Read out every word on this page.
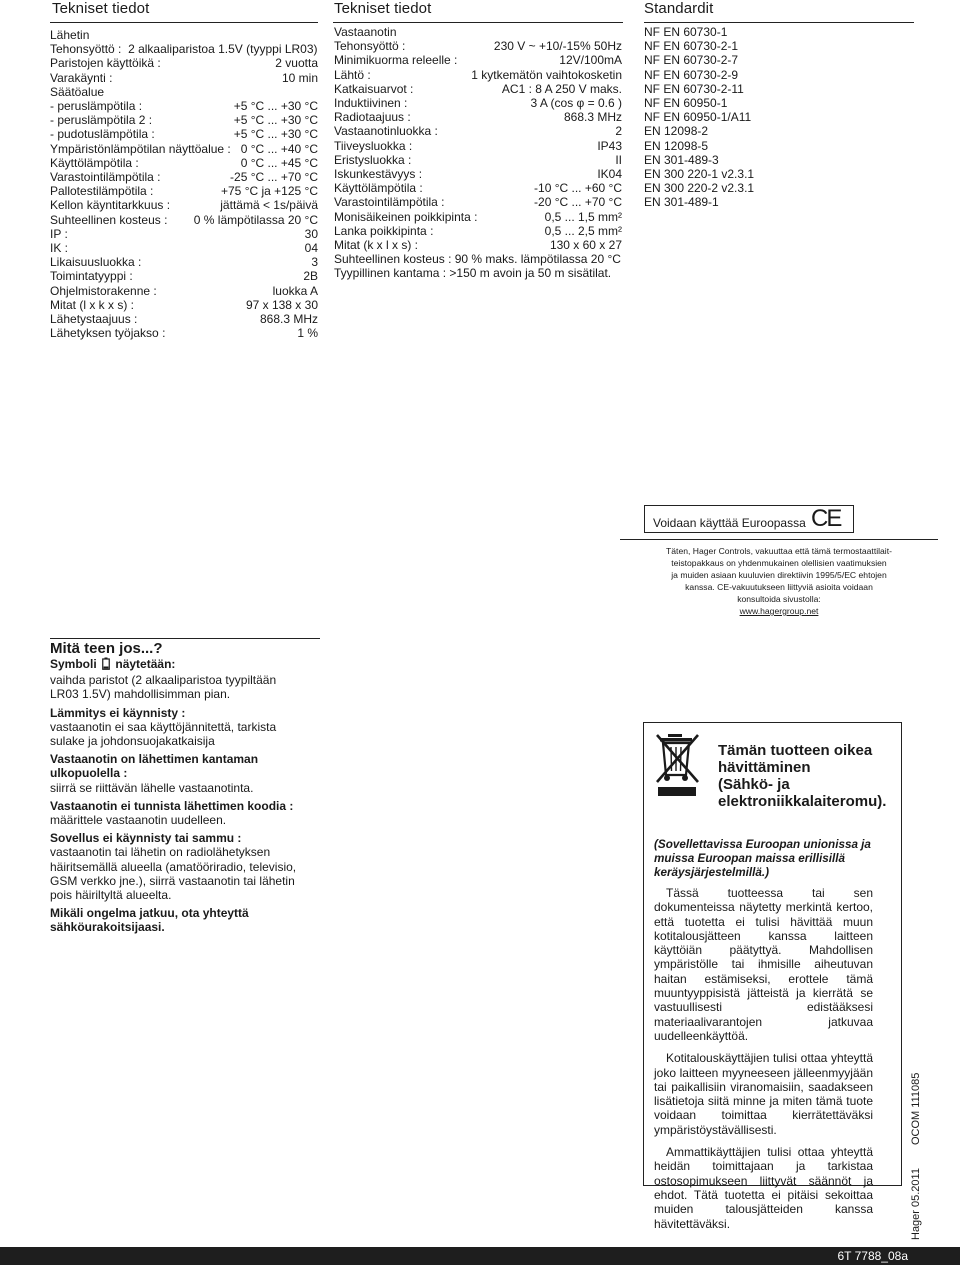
Tekniset tiedot
Lähetin
Tehonsyöttö : 2 alkaaliparistoa 1.5V (tyyppi LR03)
Paristojen käyttöikä :	2 vuotta
Varakäynti :	10 min
Säätöalue
- peruslämpötila :	+5 °C ... +30 °C
- peruslämpötila 2 :	+5 °C ... +30 °C
- pudotuslämpötila :	+5 °C ... +30 °C
Ympäristönlämpötilan näyttöalue : 0 °C ... +40 °C
Käyttölämpötila :	0 °C ... +45 °C
Varastointilämpötila :	-25 °C ... +70 °C
Pallotestilämpötila :	+75 °C ja +125 °C
Kellon käyntitarkkuus :	jättämä < 1s/päivä
Suhteellinen kosteus : 0 % lämpötilassa 20 °C
IP :	30
IK :	04
Likaisuusluokka :	3
Toimintatyyppi :	2B
Ohjelmistorakenne :	luokka A
Mitat (l x k x s) :	97 x 138 x 30
Lähetystaajuus :	868.3 MHz
Lähetyksen työjakso :	1 %
Tekniset tiedot
Vastaanotin
Tehonsyöttö :	230 V ~ +10/-15% 50Hz
Minimikuorma releelle :	12V/100mA
Lähtö :	1 kytkemätön vaihtokosketin
Katkaisuarvot :	AC1 : 8 A 250 V maks.
Induktiivinen :	3 A (cos φ = 0.6 )
Radiotaajuus :	868.3 MHz
Vastaanotinluokka :	2
Tiiveysluokka :	IP43
Eristysluokka :	II
Iskunkestävyys :	IK04
Käyttölämpötila :	-10 °C ... +60 °C
Varastointilämpötila :	-20 °C ... +70 °C
Monisäikeinen poikkipinta :	0,5 ... 1,5 mm²
Lanka poikkipinta :	0,5 ... 2,5 mm²
Mitat (k x l x s) :	130 x 60 x 27
Suhteellinen kosteus : 90 % maks. lämpötilassa 20 °C
Tyypillinen kantama : >150 m avoin ja 50 m sisätilat.
Standardit
NF EN 60730-1
NF EN 60730-2-1
NF EN 60730-2-7
NF EN 60730-2-9
NF EN 60730-2-11
NF EN 60950-1
NF EN 60950-1/A11
EN 12098-2
EN 12098-5
EN 301-489-3
EN 300 220-1 v2.3.1
EN 300 220-2 v2.3.1
EN 301-489-1
Voidaan käyttää Euroopassa CE
Täten, Hager Controls, vakuuttaa että tämä termostaattilait-
teistopakkaus on yhdenmukainen olellisien vaatimuksien
ja muiden asiaan kuuluvien direktiivin 1995/5/EC ehtojen
kanssa. CE-vakuutukseen liittyviä asioita voidaan
konsultoida sivustolla:
www.hagergroup.net

Mitä teen jos...?

Symboli näytetään:

vaihda paristot (2 alkaaliparistoa tyypiltään

LR03 1.5V) mahdollisimman pian.

Lämmitys ei käynnisty :

vastaanotin ei saa käyttöjännitettä, tarkista

sulake ja johdonsuojakatkaisija

Vastaanotin on lähettimen kantaman

ulkopuolella :

siirrä se riittävän lähelle vastaanotinta.

Vastaanotin ei tunnista lähettimen koodia :

määrittele vastaanotin uudelleen.

Sovellus ei käynnisty tai sammu :

vastaanotin tai lähetin on radiolähetyksen

häiritsemällä alueella (amatööriradio, televisio,

GSM verkko jne.), siirrä vastaanotin tai lähetin

pois häiriltyltä alueelta.

Mikäli ongelma jatkuu, ota yhteyttä

sähköurakoitsijaasi.

Tämän tuotteen oikea
hävittäminen
(Sähkö- ja
elektroniikkalaiteromu).
(Sovellettavissa Euroopan unionissa ja
muissa Euroopan maissa erillisillä
keräysjärjestelmillä.)

Tässä tuotteessa tai sen dokumenteissa näytetty merkintä kertoo, että tuotetta ei tulisi hävittää muun kotitalousjätteen kanssa laitteen käyttöiän päätyttyä. Mahdollisen ympäristölle tai ihmisille aiheutuvan haitan estämiseksi, erottele tämä muuntyyppisistä jätteistä ja kierrätä se vastuullisesti edistääksesi materiaalivarantojen jatkuvaa uudelleenkäyttöä.

Kotitalouskäyttäjien tulisi ottaa yhteyttä joko laitteen myyneeseen jälleenmyyjään tai paikallisiin viranomaisiin, saadakseen lisätietoja siitä minne ja miten tämä tuote voidaan toimittaa kierrätettäväksi ympäristöystävällisesti.

Ammattikäyttäjien tulisi ottaa yhteyttä heidän toimittajaan ja tarkistaa ostosopimukseen liittyvät säännöt ja ehdot. Tätä tuotetta ei pitäisi sekoittaa muiden talousjätteiden kanssa hävitettäväksi.	Hager 05.2011
OCOM 111085
6T 7788_08a
